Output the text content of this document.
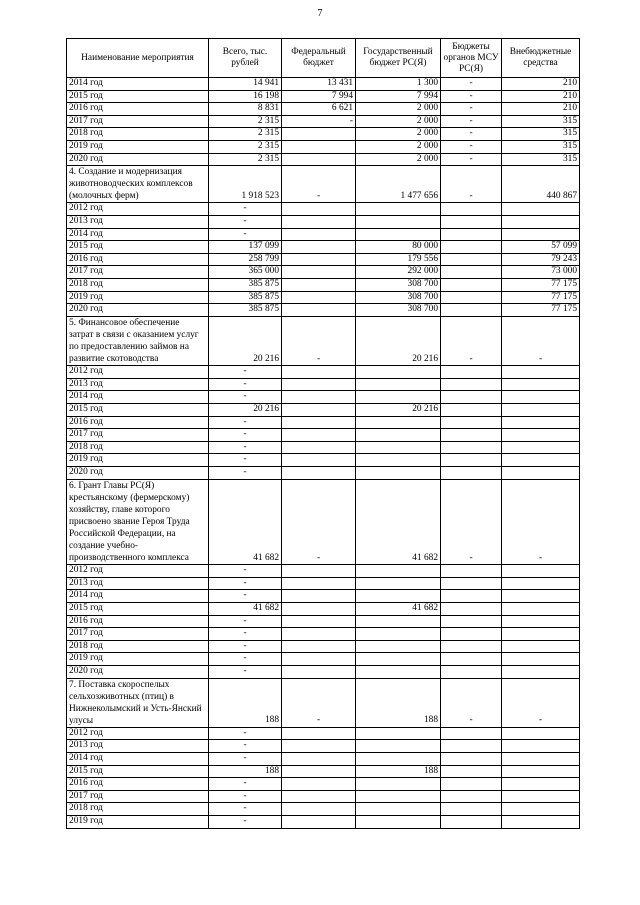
7
Наименование мероприятия	Всего, тыс. рублей	Федеральный бюджет	Государственный бюджет РС(Я)	Бюджеты органов МСУ РС(Я)	Внебюджетные средства
2014 год	14 941	13 431	1 300	-	210
2015 год	16 198	7 994	7 994	-	210
2016 год	8 831	6 621	2 000	-	210
2017 год	2 315	-	2 000	-	315
2018 год	2 315		2 000	-	315
2019 год	2 315		2 000	-	315
2020 год	2 315		2 000	-	315
4. Создание и модернизация животноводческих комплексов (молочных ферм)	1 918 523	-	1 477 656	-	440 867
2012 год	-				
2013 год	-				
2014 год	-				
2015 год	137 099		80 000		57 099
2016 год	258 799		179 556		79 243
2017 год	365 000		292 000		73 000
2018 год	385 875		308 700		77 175
2019 год	385 875		308 700		77 175
2020 год	385 875		308 700		77 175
5. Финансовое обеспечение затрат в связи с оказанием услуг по предоставлению займов на развитие скотоводства	20 216	-	20 216	-	-
2012 год	-				
2013 год	-				
2014 год	-				
2015 год	20 216		20 216		
2016 год	-				
2017 год	-				
2018 год	-				
2019 год	-				
2020 год	-				
6. Грант Главы РС(Я) крестьянскому (фермерскому) хозяйству, главе которого присвоено звание Героя Труда Российской Федерации, на создание учебно-производственного комплекса	41 682	-	41 682	-	-
2012 год	-				
2013 год	-				
2014 год	-				
2015 год	41 682		41 682		
2016 год	-				
2017 год	-				
2018 год	-				
2019 год	-				
2020 год	-				
7. Поставка скороспелых сельхозживотных (птиц) в Нижнеколымский и Усть-Янский улусы	188	-	188	-	-
2012 год	-				
2013 год	-				
2014 год	-				
2015 год	188		188		
2016 год	-				
2017 год	-				
2018 год	-				
2019 год	-				
